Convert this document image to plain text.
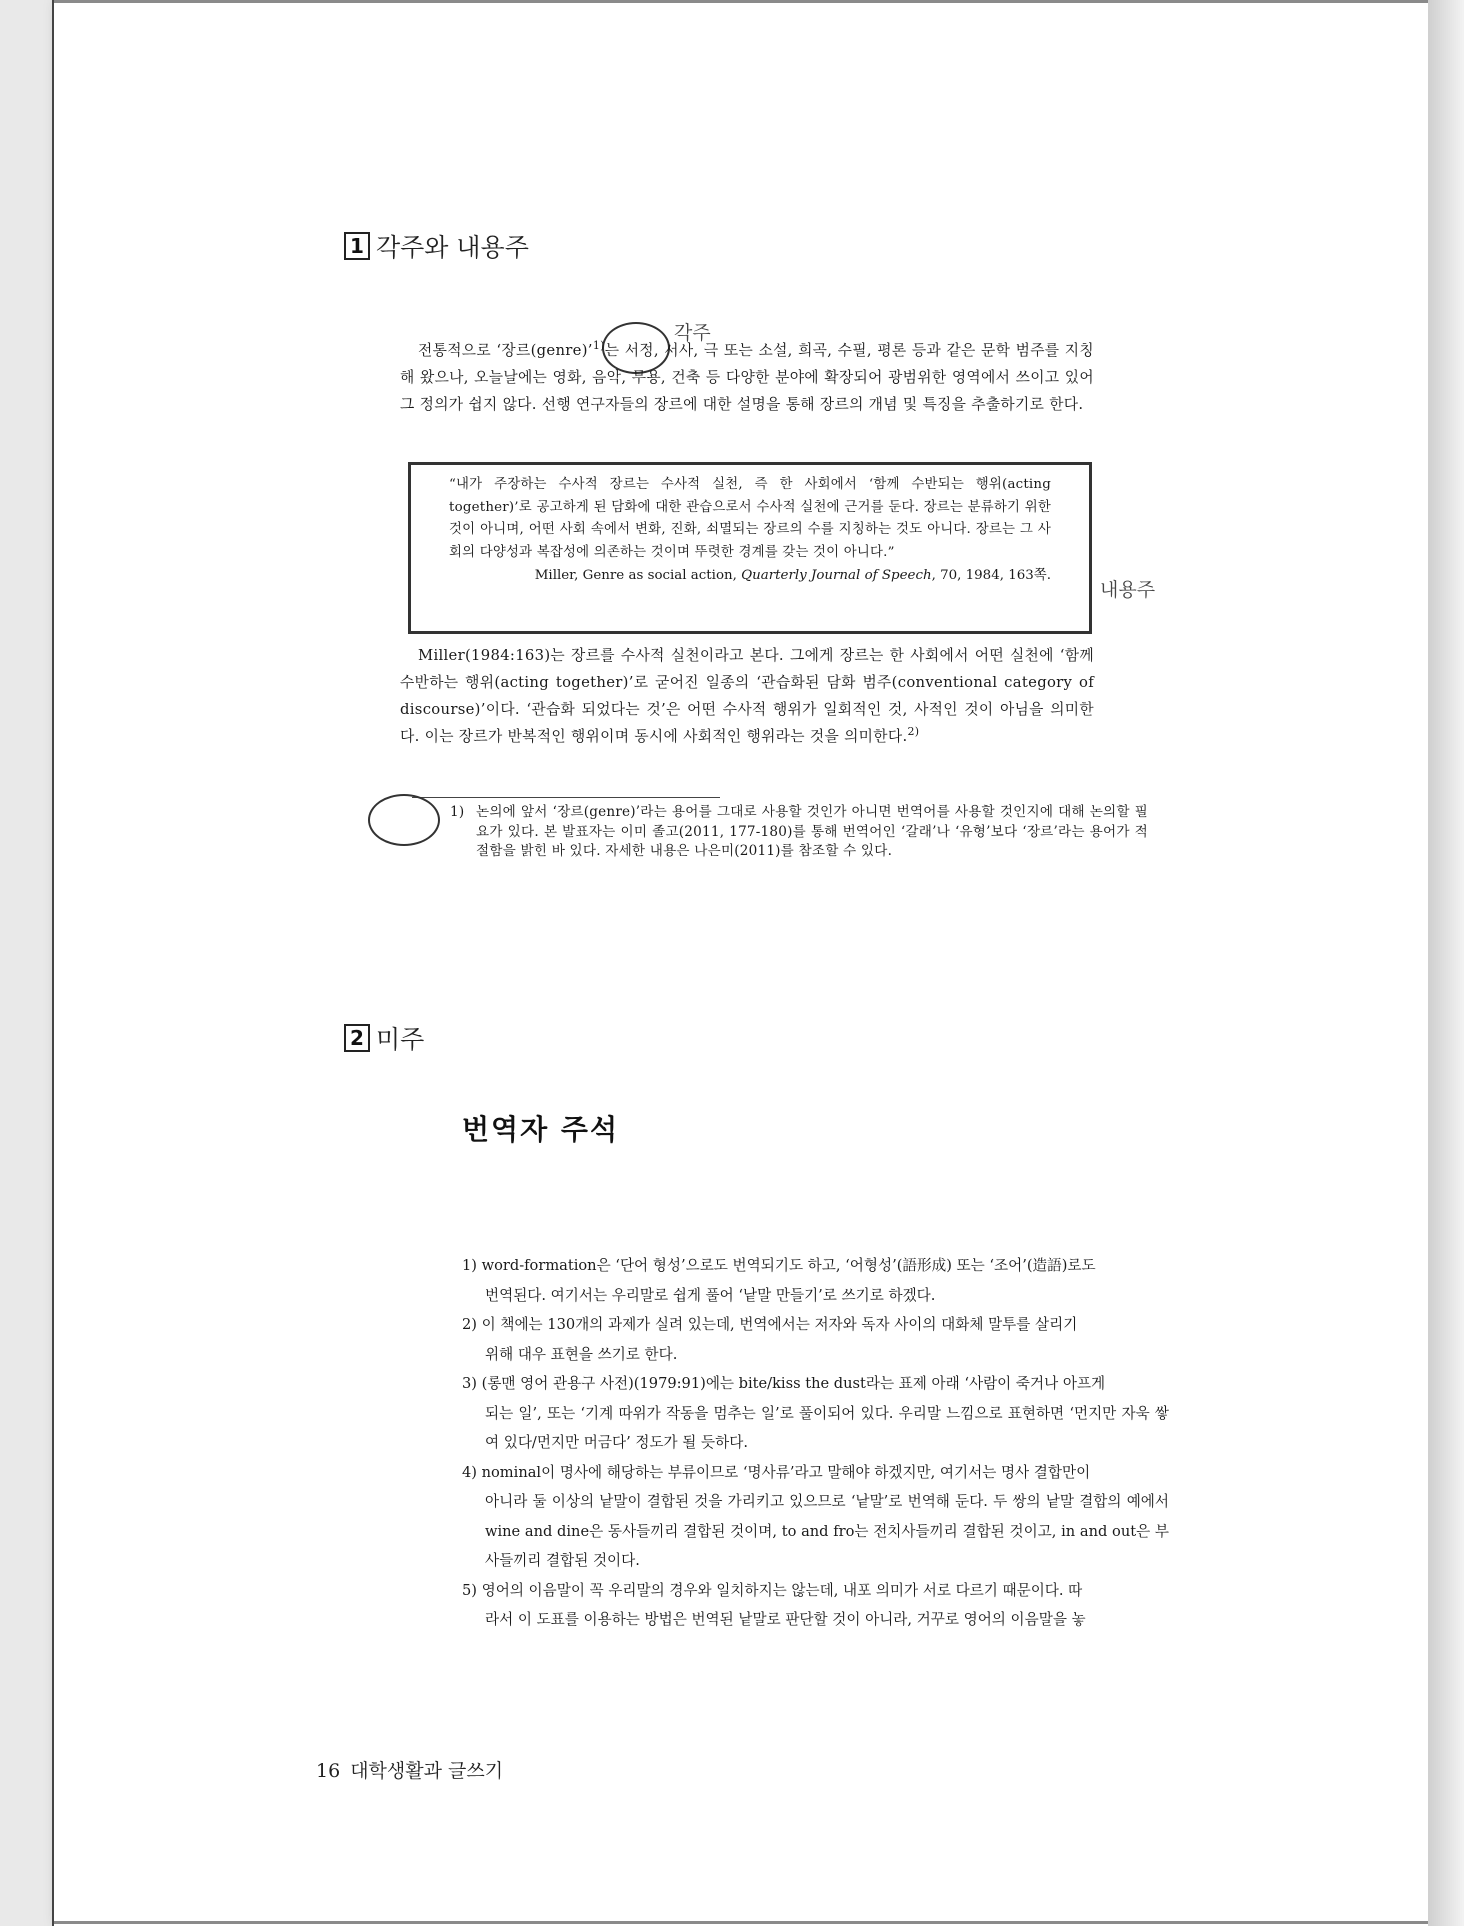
1 각주와 내용주
각주
전통적으로 ‘장르(genre)’$^{1)}$는 서정, 서사, 극 또는 소설, 희곡, 수필, 평론 등과 같은 문학 범주를 지칭해 왔으나, 오늘날에는 영화, 음악, 무용, 건축 등 다양한 분야에 확장되어 광범위한 영역에서 쓰이고 있어 그 정의가 쉽지 않다. 선행 연구자들의 장르에 대한 설명을 통해 장르의 개념 및 특징을 추출하기로 한다.
“내가 주장하는 수사적 장르는 수사적 실천, 즉 한 사회에서 ‘함께 수반되는 행위(acting together)’로 공고하게 된 담화에 대한 관습으로서 수사적 실천에 근거를 둔다. 장르는 분류하기 위한 것이 아니며, 어떤 사회 속에서 변화, 진화, 쇠멸되는 장르의 수를 지칭하는 것도 아니다. 장르는 그 사회의 다양성과 복잡성에 의존하는 것이며 뚜렷한 경계를 갖는 것이 아니다.”
Miller, Genre as social action, Quarterly Journal of Speech, 70, 1984, 163쪽.
내용주
Miller(1984:163)는 장르를 수사적 실천이라고 본다. 그에게 장르는 한 사회에서 어떤 실천에 ‘함께 수반하는 행위(acting together)’로 굳어진 일종의 ‘관습화된 담화 범주(conventional category of discourse)’이다. ‘관습화 되었다는 것’은 어떤 수사적 행위가 일회적인 것, 사적인 것이 아님을 의미한다. 이는 장르가 반복적인 행위이며 동시에 사회적인 행위라는 것을 의미한다.$^{2)}$
1) 논의에 앞서 ‘장르(genre)’라는 용어를 그대로 사용할 것인가 아니면 번역어를 사용할 것인지에 대해 논의할 필요가 있다. 본 발표자는 이미 졸고(2011, 177-180)를 통해 번역어인 ‘갈래’나 ‘유형’보다 ‘장르’라는 용어가 적절함을 밝힌 바 있다. 자세한 내용은 나은미(2011)를 참조할 수 있다.
2 미주
번역자 주석
1) word-formation은 ‘단어 형성’으로도 번역되기도 하고, ‘어형성’(語形成) 또는 ‘조어’(造語)로도
번역된다. 여기서는 우리말로 쉽게 풀어 ‘낱말 만들기’로 쓰기로 하겠다.
2) 이 책에는 130개의 과제가 실려 있는데, 번역에서는 저자와 독자 사이의 대화체 말투를 살리기
위해 대우 표현을 쓰기로 한다.
3) (롱맨 영어 관용구 사전)(1979:91)에는 bite/kiss the dust라는 표제 아래 ‘사람이 죽거나 아프게
되는 일’, 또는 ‘기계 따위가 작동을 멈추는 일’로 풀이되어 있다. 우리말 느낌으로 표현하면 ‘먼지만 자욱 쌓여 있다/먼지만 머금다’ 정도가 될 듯하다.
4) nominal이 명사에 해당하는 부류이므로 ‘명사류’라고 말해야 하겠지만, 여기서는 명사 결합만이
아니라 둘 이상의 낱말이 결합된 것을 가리키고 있으므로 ‘낱말’로 번역해 둔다. 두 쌍의 낱말 결합의 예에서 wine and dine은 동사들끼리 결합된 것이며, to and fro는 전치사들끼리 결합된 것이고, in and out은 부사들끼리 결합된 것이다.
5) 영어의 이음말이 꼭 우리말의 경우와 일치하지는 않는데, 내포 의미가 서로 다르기 때문이다. 따
라서 이 도표를 이용하는 방법은 번역된 낱말로 판단할 것이 아니라, 거꾸로 영어의 이음말을 놓
16 대학생활과 글쓰기
